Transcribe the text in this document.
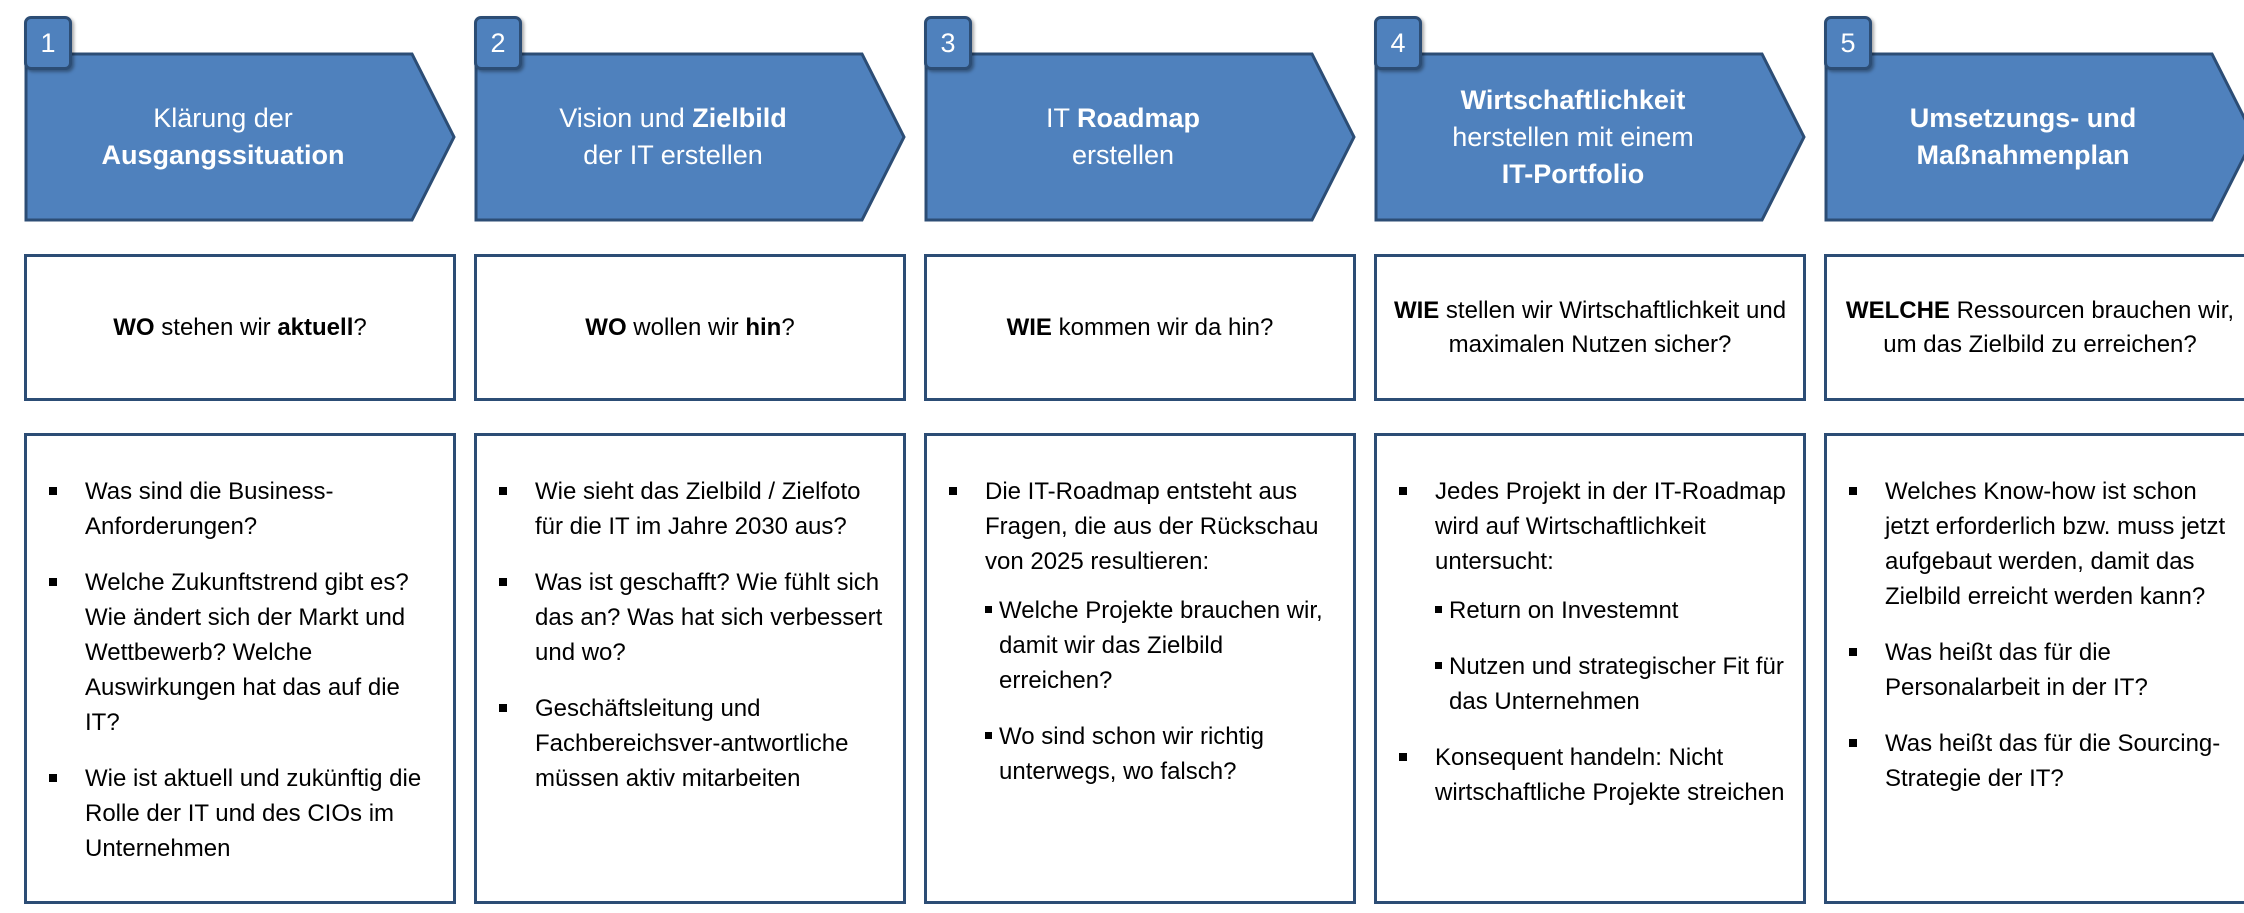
Klärung der
Ausgangssituation
1
WO stehen wir aktuell?
Was sind die Business-Anforderungen?
Welche Zukunftstrend gibt es? Wie ändert sich der Markt und Wettbewerb? Welche Auswirkungen hat das auf die IT?
Wie ist aktuell und zukünftig die Rolle der IT und des CIOs im Unternehmen
Vision und Zielbild
der IT erstellen
2
WO wollen wir hin?
Wie sieht das Zielbild / Zielfoto für die IT im Jahre 2030 aus?
Was ist geschafft? Wie fühlt sich das an? Was hat sich verbessert und wo?
Geschäftsleitung und Fachbereichsver-antwortliche müssen aktiv mitarbeiten
IT Roadmap
erstellen
3
WIE kommen wir da hin?
Die IT-Roadmap entsteht aus Fragen, die aus der Rückschau von 2025 resultieren:
Welche Projekte brauchen wir, damit wir das Zielbild erreichen?
Wo sind schon wir richtig unterwegs, wo falsch?
Wirtschaftlichkeit
herstellen mit einem
IT-Portfolio
4
WIE stellen wir Wirtschaftlichkeit und maximalen Nutzen sicher?
Jedes Projekt in der IT-Roadmap wird auf Wirtschaftlichkeit untersucht:
Return on Investemnt
Nutzen und strategischer Fit für das Unternehmen
Konsequent handeln: Nicht wirtschaftliche Projekte streichen
Umsetzungs- und
Maßnahmenplan
5
WELCHE Ressourcen brauchen wir, um das Zielbild zu erreichen?
Welches Know-how ist schon jetzt erforderlich bzw. muss jetzt aufgebaut werden, damit das Zielbild erreicht werden kann?
Was heißt das für die Personalarbeit in der IT?
Was heißt das für die Sourcing-Strategie der IT?
